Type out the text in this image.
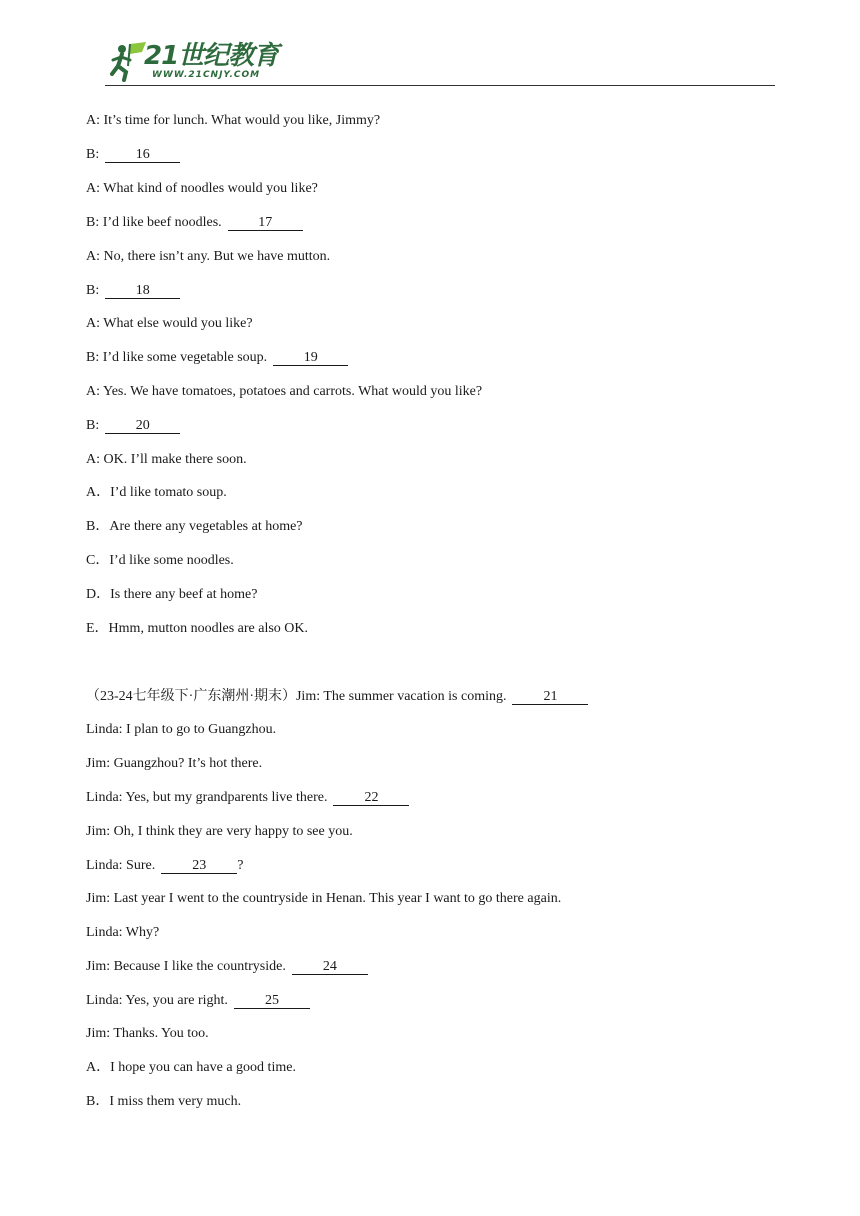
21世纪教育
WWW.21CNJY.COM
A: It’s time for lunch. What would you like, Jimmy?
B:	16
A: What kind of noodles would you like?
B: I’d like beef noodles.	17
A: No, there isn’t any. But we have mutton.
B:	18
A: What else would you like?
B: I’d like some vegetable soup.	19
A: Yes. We have tomatoes, potatoes and carrots. What would you like?
B:	20
A: OK. I’ll make there soon.
A．I’d like tomato soup.
B．Are there any vegetables at home?
C．I’d like some noodles.
D．Is there any beef at home?
E．Hmm, mutton noodles are also OK.
（23-24七年级下·广东潮州·期末）Jim: The summer vacation is coming.	21
Linda: I plan to go to Guangzhou.
Jim: Guangzhou? It’s hot there.
Linda: Yes, but my grandparents live there.	22
Jim: Oh, I think they are very happy to see you.
Linda: Sure.	23 ?
Jim: Last year I went to the countryside in Henan. This year I want to go there again.
Linda: Why?
Jim: Because I like the countryside.	24
Linda: Yes, you are right.	25
Jim: Thanks. You too.
A．I hope you can have a good time.
B．I miss them very much.
